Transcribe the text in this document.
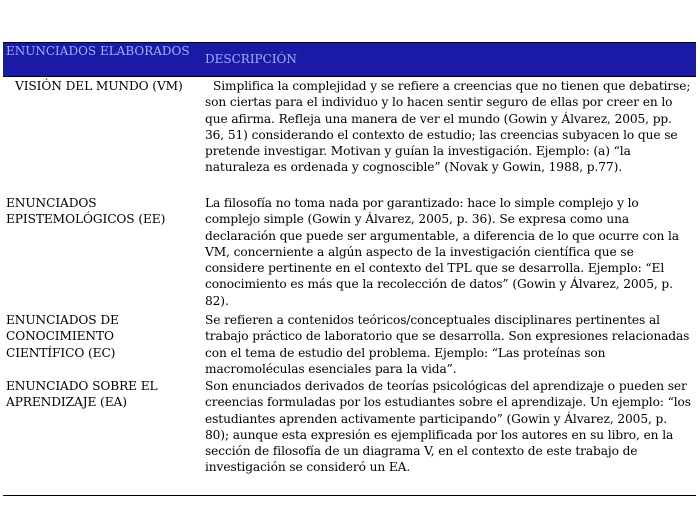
ENUNCIADOS ELABORADOS
DESCRIPCIÓN
VISIÓN DEL MUNDO (VM)	Simplifica la complejidad y se refiere a creencias que no tienen que debatirse; son ciertas para el individuo y lo hacen sentir seguro de ellas por creer en lo que afirma. Refleja una manera de ver el mundo (Gowin y Álvarez, 2005, pp. 36, 51) considerando el contexto de estudio; las creencias subyacen lo que se pretende investigar. Motivan y guían la investigación. Ejemplo: (a) “la naturaleza es ordenada y cognoscible” (Novak y Gowin, 1988, p.77).
ENUNCIADOS EPISTEMOLÓGICOS (EE)
La filosofía no toma nada por garantizado: hace lo simple complejo y lo complejo simple (Gowin y Álvarez, 2005, p. 36). Se expresa como una declaración que puede ser argumentable, a diferencia de lo que ocurre con la VM, concerniente a algún aspecto de la investigación científica que se considere pertinente en el contexto del TPL que se desarrolla. Ejemplo: “El conocimiento es más que la recolección de datos” (Gowin y Álvarez, 2005, p. 82).
ENUNCIADOS DE CONOCIMIENTO CIENTÍFICO (EC)
Se refieren a contenidos teóricos/conceptuales disciplinares pertinentes al trabajo práctico de laboratorio que se desarrolla. Son expresiones relacionadas con el tema de estudio del problema. Ejemplo: “Las proteínas son macromoléculas esenciales para la vida”.
ENUNCIADO SOBRE EL APRENDIZAJE (EA)
Son enunciados derivados de teorías psicológicas del aprendizaje o pueden ser creencias formuladas por los estudiantes sobre el aprendizaje. Un ejemplo: “los estudiantes aprenden activamente participando” (Gowin y Álvarez, 2005, p. 80); aunque esta expresión es ejemplificada por los autores en su libro, en la sección de filosofía de un diagrama V, en el contexto de este trabajo de investigación se consideró un EA.
